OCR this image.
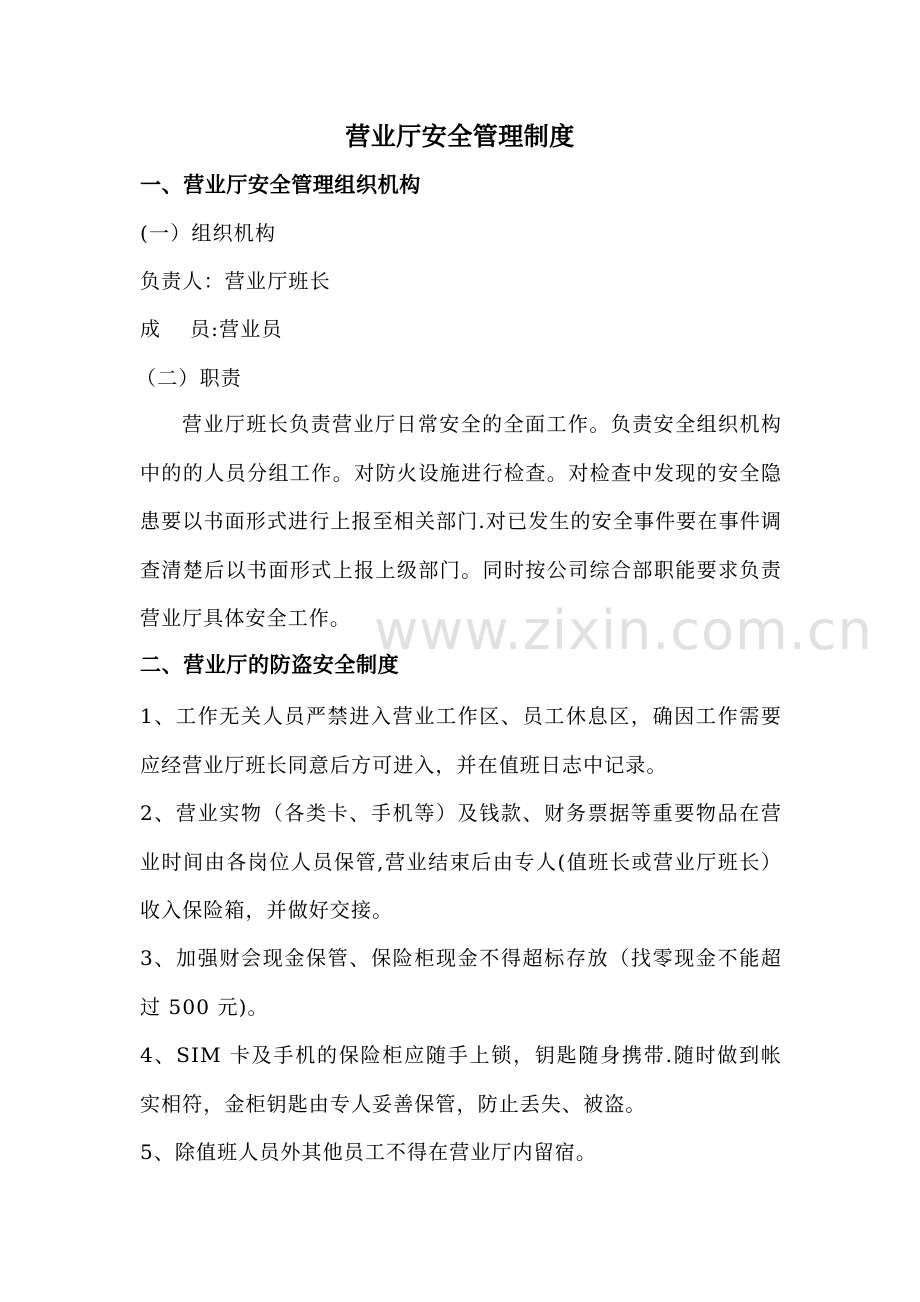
营业厅安全管理制度
一、营业厅安全管理组织机构
(一）组织机构
负责人：营业厅班长
成　 员:营业员
（二）职责
营业厅班长负责营业厅日常安全的全面工作。负责安全组织机构中的的人员分组工作。对防火设施进行检查。对检查中发现的安全隐患要以书面形式进行上报至相关部门.对已发生的安全事件要在事件调查清楚后以书面形式上报上级部门。同时按公司综合部职能要求负责营业厅具体安全工作。
二、营业厅的防盗安全制度
1、工作无关人员严禁进入营业工作区、员工休息区，确因工作需要应经营业厅班长同意后方可进入，并在值班日志中记录。
2、营业实物（各类卡、手机等）及钱款、财务票据等重要物品在营业时间由各岗位人员保管,营业结束后由专人(值班长或营业厅班长）收入保险箱，并做好交接。
3、加强财会现金保管、保险柜现金不得超标存放（找零现金不能超过 500 元)。
4、SIM 卡及手机的保险柜应随手上锁，钥匙随身携带.随时做到帐实相符，金柜钥匙由专人妥善保管，防止丢失、被盗。
5、除值班人员外其他员工不得在营业厅内留宿。
www.zixin.com.cn
